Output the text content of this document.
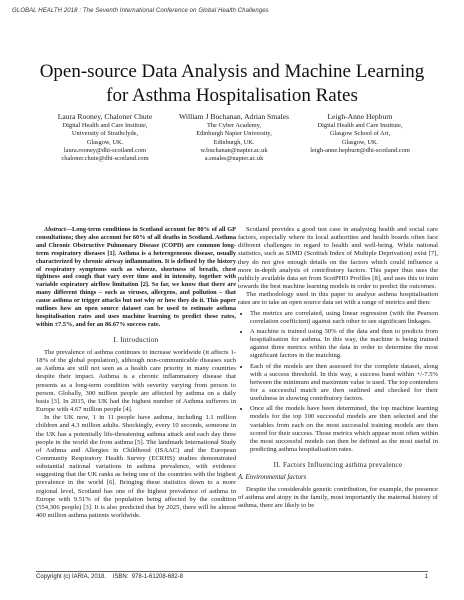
GLOBAL HEALTH 2018 : The Seventh International Conference on Global Health Challenges
Open-source Data Analysis and Machine Learning
for Asthma Hospitalisation Rates
Laura Rooney, Chaloner Chute
Digital Health and Care Institute,
University of Strathclyde,
Glasgow, UK.
laura.rooney@dhi-scotland.com
chaloner.chute@dhi-scotland.com
William J Buchanan, Adrian Smales
The Cyber Academy,
Edinburgh Napier University,
Edinburgh, UK.
w.buchanan@napier.ac.uk
a.smales@napier.ac.uk
Leigh-Anne Hepburn
Digital Health and Care Institute,
Glasgow School of Art,
Glasgow, UK.
leigh-anne.hepburn@dhi-scotland.com

Abstract—Long-term conditions in Scotland account for 80% of all GP consultations; they also account for 60% of all deaths in Scotland. Asthma and Chronic Obstructive Pulmonary Disease (COPD) are common long-term respiratory diseases [1]. Asthma is a heterogeneous disease, usually characterized by chronic airway inflammation. It is defined by the history of respiratory symptoms such as wheeze, shortness of breath, chest tightness and cough that vary over time and in intensity, together with variable expiratory airflow limitation [2]. So far, we know that there are many different things – such as viruses, allergens, and pollution – that cause asthma or trigger attacks but not why or how they do it. This paper outlines how an open source dataset can be used to estimate asthma hospitalisation rates and uses machine learning to predict these rates, within ±7.5%, and for an 86.67% success rate.

I. Introduction

The prevalence of asthma continues to increase worldwide (it affects 1-18% of the global population), although non-communicable diseases such as Asthma are still not seen as a health care priority in many countries despite their impact. Asthma is a chronic inflammatory disease that presents as a long-term condition with severity varying from person to person. Globally, 300 million people are affected by asthma on a daily basis [3]. In 2015, the UK had the highest number of Asthma sufferers in Europe with 4.67 million people [4].

In the UK now, 1 in 11 people have asthma, including 1.1 million children and 4.3 million adults. Shockingly, every 10 seconds, someone in the UK has a potentially life-threatening asthma attack and each day three people in the world die from asthma [5]. The landmark International Study of Asthma and Allergies in Childhood (ISAAC) and the European Community Respiratory Health Survey (ECRHS) studies demonstrated substantial national variations in asthma prevalence, with evidence suggesting that the UK ranks as being one of the countries with the highest prevalence in the world [6]. Bringing these statistics down to a more regional level, Scotland has one of the highest prevalence of asthma in Europe with 9.51% of the population being affected by the condition (554,306 people) [3]. It is also predicted that by 2025, there will be almost 400 million asthma patients worldwide.

Scotland provides a good test case in analysing health and social care factors, especially where its local authorities and health boards often face different challenges in regard to health and well-being. While national statistics, such as SIMD (Scottish Index of Multiple Deprivation) exist [7], they do not give enough details on the factors which could influence a more in-depth analysis of contributory factors. This paper thus uses the publicly available data set from ScotPHO Profiles [8], and uses this to train towards the best machine learning models in order to predict the outcomes.

The methodology used in this paper to analyse asthma hospitalisation rates are to take an open source data set with a range of metrics and then:

• The metrics are correlated, using linear regression (with the Pearson correlation coefficient) against each other to see significant linkages.
• A machine is trained using 30% of the data and then to predicts from hospitalisation for asthma. In this way, the machine is being trained against three metrics within the data in order to determine the most significant factors in the matching.
• Each of the models are then assessed for the complete dataset, along with a success threshold. In this way, a success band within +/-7.5% between the minimum and maximum value is used. The top contenders for a successful match are then outlined and checked for their usefulness in showing contributory factors.
• Once all the models have been determined, the top machine learning models for the top 100 successful models are then selected and the variables from each on the most successful training models are then scored for their success. Those metrics which appear most often within the most successful models can then be defined as the most useful in predicting asthma hospitalisation rates.
II. Factors Influencing asthma prevalence
A. Environmental factors

Despite the considerable genetic contribution, for example, the presence of asthma and atopy in the family, most importantly the maternal history of asthma, there are likely to be

Copyright (c) IARIA, 2018.    ISBN:  978-1-61208-682-8	1
